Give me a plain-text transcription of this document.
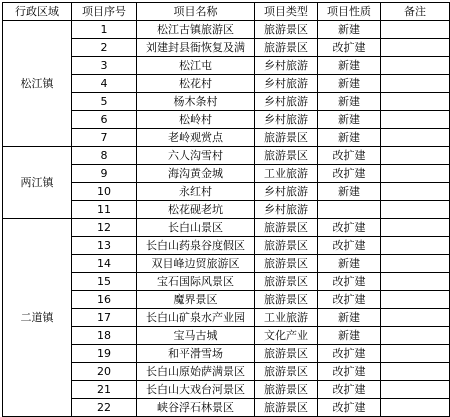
行政区域	项目序号	项目名称	项目类型	项目性质	备注
松江镇	1	松江古镇旅游区	旅游景区	新建	
	2	刘建封县衙恢复及满	旅游景区	改扩建	
	3	松江屯	乡村旅游	新建	
	4	松花村	乡村旅游	新建	
	5	杨木条村	乡村旅游	新建	
	6	松岭村	乡村旅游	新建	
	7	老岭观赏点	旅游景区	新建	
两江镇	8	六人沟雪村	旅游景区	改扩建	
	9	海沟黄金城	工业旅游	改扩建	
	10	永红村	乡村旅游	新建	
	11	松花砚老坑	乡村旅游		
二道镇	12	长白山景区	旅游景区	改扩建	
	13	长白山药泉谷度假区	旅游景区	改扩建	
	14	双目峰边贸旅游区	旅游景区	新建	
	15	宝石国际风景区	旅游景区	改扩建	
	16	魔界景区	旅游景区	改扩建	
	17	长白山矿泉水产业园	工业旅游	新建	
	18	宝马古城	文化产业	新建	
	19	和平滑雪场	旅游景区	改扩建	
	20	长白山原始萨满景区	旅游景区	改扩建	
	21	长白山大戏台河景区	旅游景区	改扩建	
	22	峡谷浮石林景区	旅游景区	改扩建	
